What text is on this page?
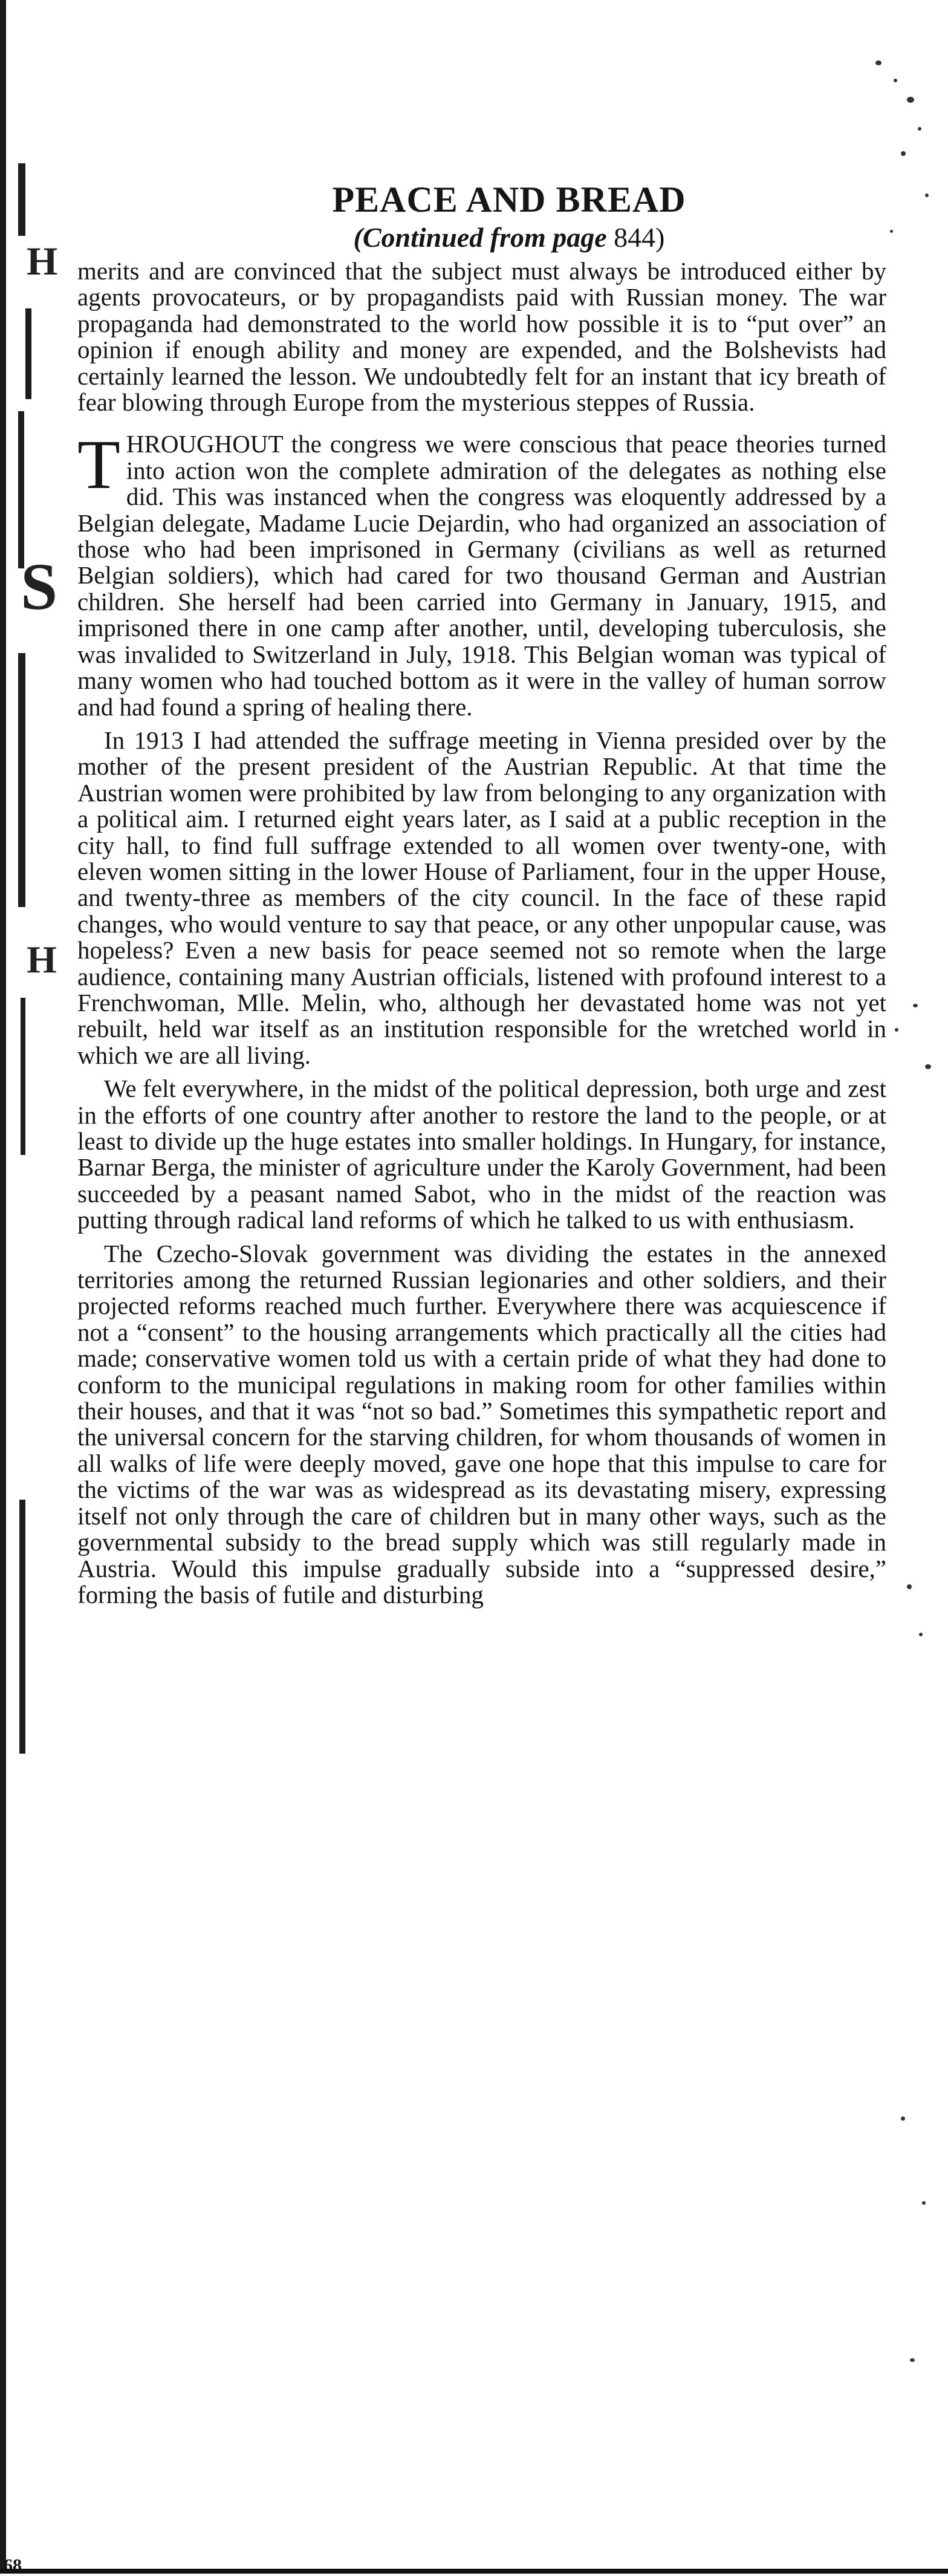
H
S
H
PEACE AND BREAD
(Continued from page 844)

merits and are convinced that the subject must always be introduced either by agents provocateurs, or by propagandists paid with Russian money. The war propaganda had demonstrated to the world how possible it is to “put over” an opinion if enough ability and money are expended, and the Bolshevists had certainly learned the lesson. We undoubtedly felt for an instant that icy breath of fear blowing through Europe from the mysterious steppes of Russia.

T HROUGHOUT the congress we were conscious that peace theories turned into action won the complete admiration of the delegates as nothing else did. This was instanced when the congress was eloquently addressed by a Belgian delegate, Madame Lucie Dejardin, who had organized an association of those who had been imprisoned in Germany (civilians as well as returned Belgian soldiers), which had cared for two thousand German and Austrian children. She herself had been carried into Germany in January, 1915, and imprisoned there in one camp after another, until, developing tuberculosis, she was invalided to Switzerland in July, 1918. This Belgian woman was typical of many women who had touched bottom as it were in the valley of human sorrow and had found a spring of healing there.

In 1913 I had attended the suffrage meeting in Vienna presided over by the mother of the present president of the Austrian Republic. At that time the Austrian women were prohibited by law from belonging to any organization with a political aim. I returned eight years later, as I said at a public reception in the city hall, to find full suffrage extended to all women over twenty-one, with eleven women sitting in the lower House of Parliament, four in the upper House, and twenty-three as members of the city council. In the face of these rapid changes, who would venture to say that peace, or any other unpopular cause, was hopeless? Even a new basis for peace seemed not so remote when the large audience, containing many Austrian officials, listened with profound interest to a Frenchwoman, Mlle. Melin, who, although her devastated home was not yet rebuilt, held war itself as an institution responsible for the wretched world in which we are all living.

We felt everywhere, in the midst of the political depression, both urge and zest in the efforts of one country after another to restore the land to the people, or at least to divide up the huge estates into smaller holdings. In Hungary, for instance, Barnar Berga, the minister of agriculture under the Karoly Government, had been succeeded by a peasant named Sabot, who in the midst of the reaction was putting through radical land reforms of which he talked to us with enthusiasm.

The Czecho-Slovak government was dividing the estates in the annexed territories among the returned Russian legionaries and other soldiers, and their projected reforms reached much further. Everywhere there was acquiescence if not a “consent” to the housing arrangements which practically all the cities had made; conservative women told us with a certain pride of what they had done to conform to the municipal regulations in making room for other families within their houses, and that it was “not so bad.” Sometimes this sympathetic report and the universal concern for the starving children, for whom thousands of women in all walks of life were deeply moved, gave one hope that this impulse to care for the victims of the war was as widespread as its devastating misery, expressing itself not only through the care of children but in many other ways, such as the governmental subsidy to the bread supply which was still regularly made in Austria. Would this impulse gradually subside into a “suppressed desire,” forming the basis of futile and disturbing

68
